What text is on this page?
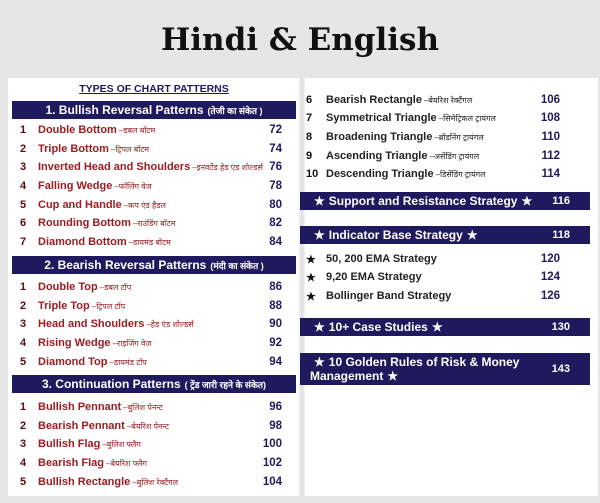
Hindi & English
TYPES OF CHART PATTERNS
1. Bullish Reversal Patterns (तेजी का संकेत )
1	Double Bottom –डबल बॉटम	72
2	Triple Bottom –ट्रिपल बॉटम	74
3	Inverted Head and Shoulders –इनवर्टेड हेड एंड शोल्डर्स 76
4	Falling Wedge –फॉलिंग वेज	78
5	Cup and Handle –कप एंड हैंडल	80
6	Rounding Bottom –राउंडिंग बॉटम	82
7	Diamond Bottom –डायमंड बॉटम	84
2. Bearish Reversal Patterns (मंदी का संकेत )
1	Double Top –डबल टॉप	86
2	Triple Top –ट्रिपल टॉप	88
3	Head and Shoulders –हेड एंड शोल्डर्स	90
4	Rising Wedge –राइजिंग वेज	92
5	Diamond Top –डायमंड टॉप	94
3. Continuation Patterns ( ट्रेंड जारी रहने के संकेत)
1	Bullish Pennant –बुलिश पेनन्ट	96
2	Bearish Pennant –बेयरिश पेनन्ट	98
3	Bullish Flag –बुलिश फ्लैग	100
4	Bearish Flag –बेयरिश फ्लैग	102
5	Bullish Rectangle –बुलिश रेक्टैंगल	104
6	Bearish Rectangle –बेयरिश रेक्टैंगल	106
7	Symmetrical Triangle –सिमेट्रिकल ट्रायंगल	108
8	Broadening Triangle –ब्रॉडनिंग ट्रायंगल	110
9	Ascending Triangle –असेंडिंग ट्रायंगल	112
10 Descending Triangle –डिसेंडिंग ट्रायंगल	114
★ Support and Resistance Strategy ★	116
★ Indicator Base Strategy ★	118
★ 50, 200 EMA Strategy	120
★ 9,20 EMA Strategy	124
★ Bollinger Band Strategy	126
★ 10+ Case Studies ★	130
★ 10 Golden Rules of Risk & Money
Management ★	143
